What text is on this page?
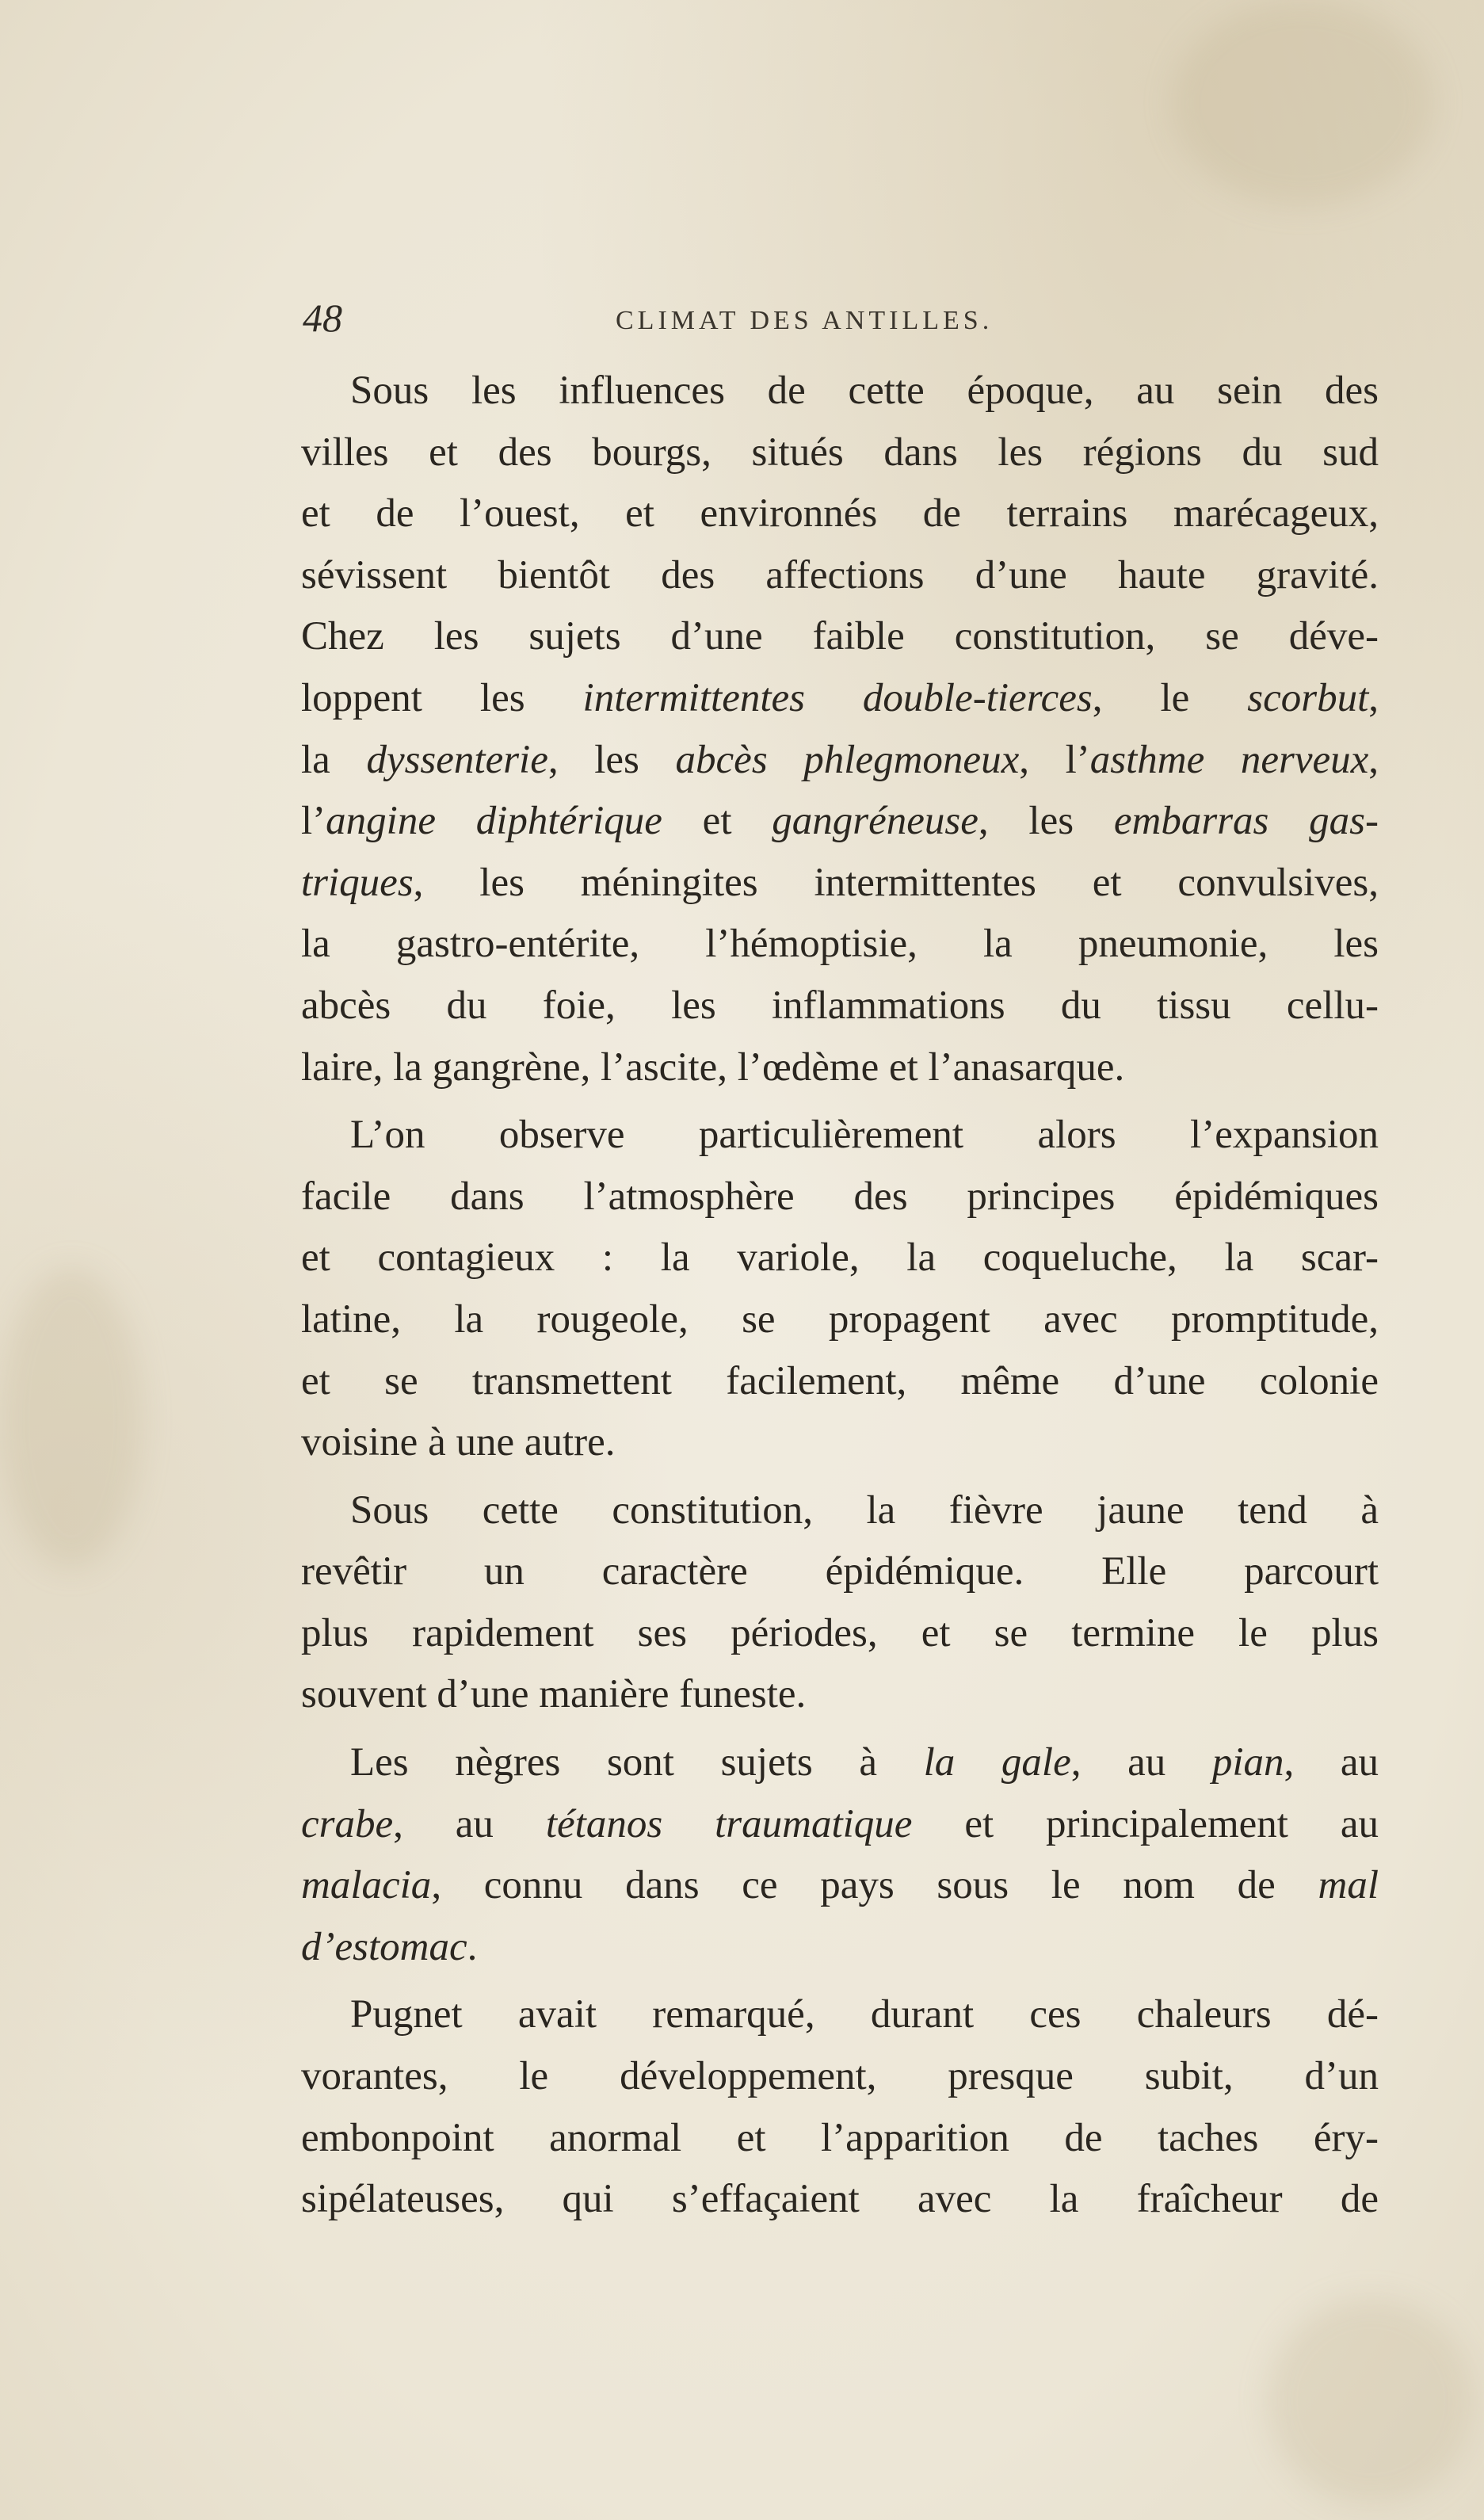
48	CLIMAT DES ANTILLES.
Sous les influences de cette époque, au sein des
villes et des bourgs, situés dans les régions du sud
et de l’ouest, et environnés de terrains marécageux,
sévissent bientôt des affections d’une haute gravité.
Chez les sujets d’une faible constitution, se déve-
loppent les intermittentes double-tierces, le scorbut,
la dyssenterie, les abcès phlegmoneux, l’asthme nerveux,
l’angine diphtérique et gangréneuse, les embarras gas-
triques, les méningites intermittentes et convulsives,
la gastro-entérite, l’hémoptisie, la pneumonie, les
abcès du foie, les inflammations du tissu cellu-
laire, la gangrène, l’ascite, l’œdème et l’anasarque.
L’on observe particulièrement alors l’expansion
facile dans l’atmosphère des principes épidémiques
et contagieux : la variole, la coqueluche, la scar-
latine, la rougeole, se propagent avec promptitude,
et se transmettent facilement, même d’une colonie
voisine à une autre.
Sous cette constitution, la fièvre jaune tend à
revêtir un caractère épidémique. Elle parcourt
plus rapidement ses périodes, et se termine le plus
souvent d’une manière funeste.
Les nègres sont sujets à la gale, au pian, au
crabe, au tétanos traumatique et principalement au
malacia, connu dans ce pays sous le nom de mal
d’estomac.
Pugnet avait remarqué, durant ces chaleurs dé-
vorantes, le développement, presque subit, d’un
embonpoint anormal et l’apparition de taches éry-
sipélateuses, qui s’effaçaient avec la fraîcheur de
